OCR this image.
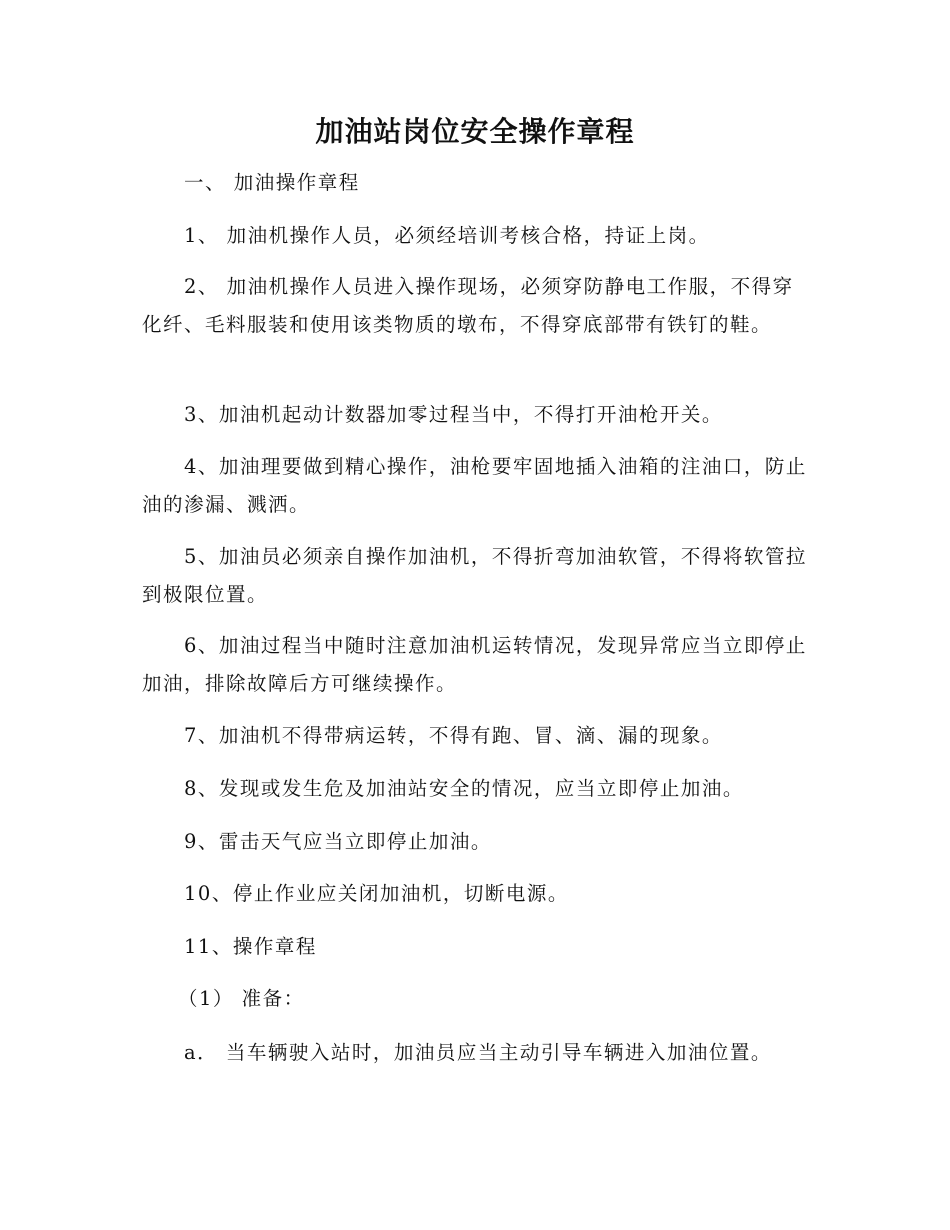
加油站岗位安全操作章程
一、 加油操作章程
1、 加油机操作人员，必须经培训考核合格，持证上岗。
2、 加油机操作人员进入操作现场，必须穿防静电工作服，不得穿化纤、毛料服装和使用该类物质的墩布，不得穿底部带有铁钉的鞋。
3、加油机起动计数器加零过程当中，不得打开油枪开关。
4、加油理要做到精心操作，油枪要牢固地插入油箱的注油口，防止油的渗漏、溅洒。
5、加油员必须亲自操作加油机，不得折弯加油软管，不得将软管拉到极限位置。
6、加油过程当中随时注意加油机运转情况，发现异常应当立即停止加油，排除故障后方可继续操作。
7、加油机不得带病运转，不得有跑、冒、滴、漏的现象。
8、发现或发生危及加油站安全的情况，应当立即停止加油。
9、雷击天气应当立即停止加油。
10、停止作业应关闭加油机，切断电源。
11、操作章程
（1） 准备：
a． 当车辆驶入站时，加油员应当主动引导车辆进入加油位置。
